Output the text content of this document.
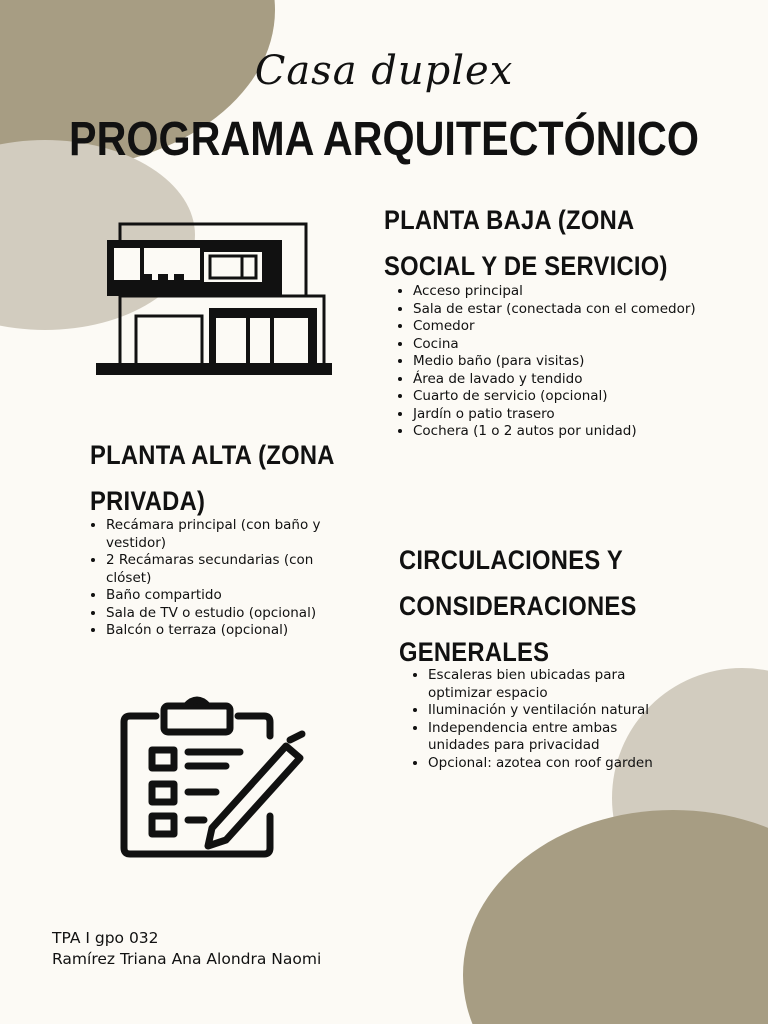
Casa duplex
PROGRAMA ARQUITECTÓNICO
PLANTA BAJA (ZONA
SOCIAL Y DE SERVICIO)
• Acceso principal
• Sala de estar (conectada con el comedor)
• Comedor
• Cocina
• Medio baño (para visitas)
• Área de lavado y tendido
• Cuarto de servicio (opcional)
• Jardín o patio trasero
• Cochera (1 o 2 autos por unidad)
PLANTA ALTA (ZONA
PRIVADA)
• Recámara principal (con baño y vestidor)
• 2 Recámaras secundarias (con clóset)
• Baño compartido
• Sala de TV o estudio (opcional)
• Balcón o terraza (opcional)
CIRCULACIONES Y
CONSIDERACIONES
GENERALES
• Escaleras bien ubicadas para optimizar espacio
• Iluminación y ventilación natural
• Independencia entre ambas unidades para privacidad
• Opcional: azotea con roof garden
TPA I gpo 032
Ramírez Triana Ana Alondra Naomi
